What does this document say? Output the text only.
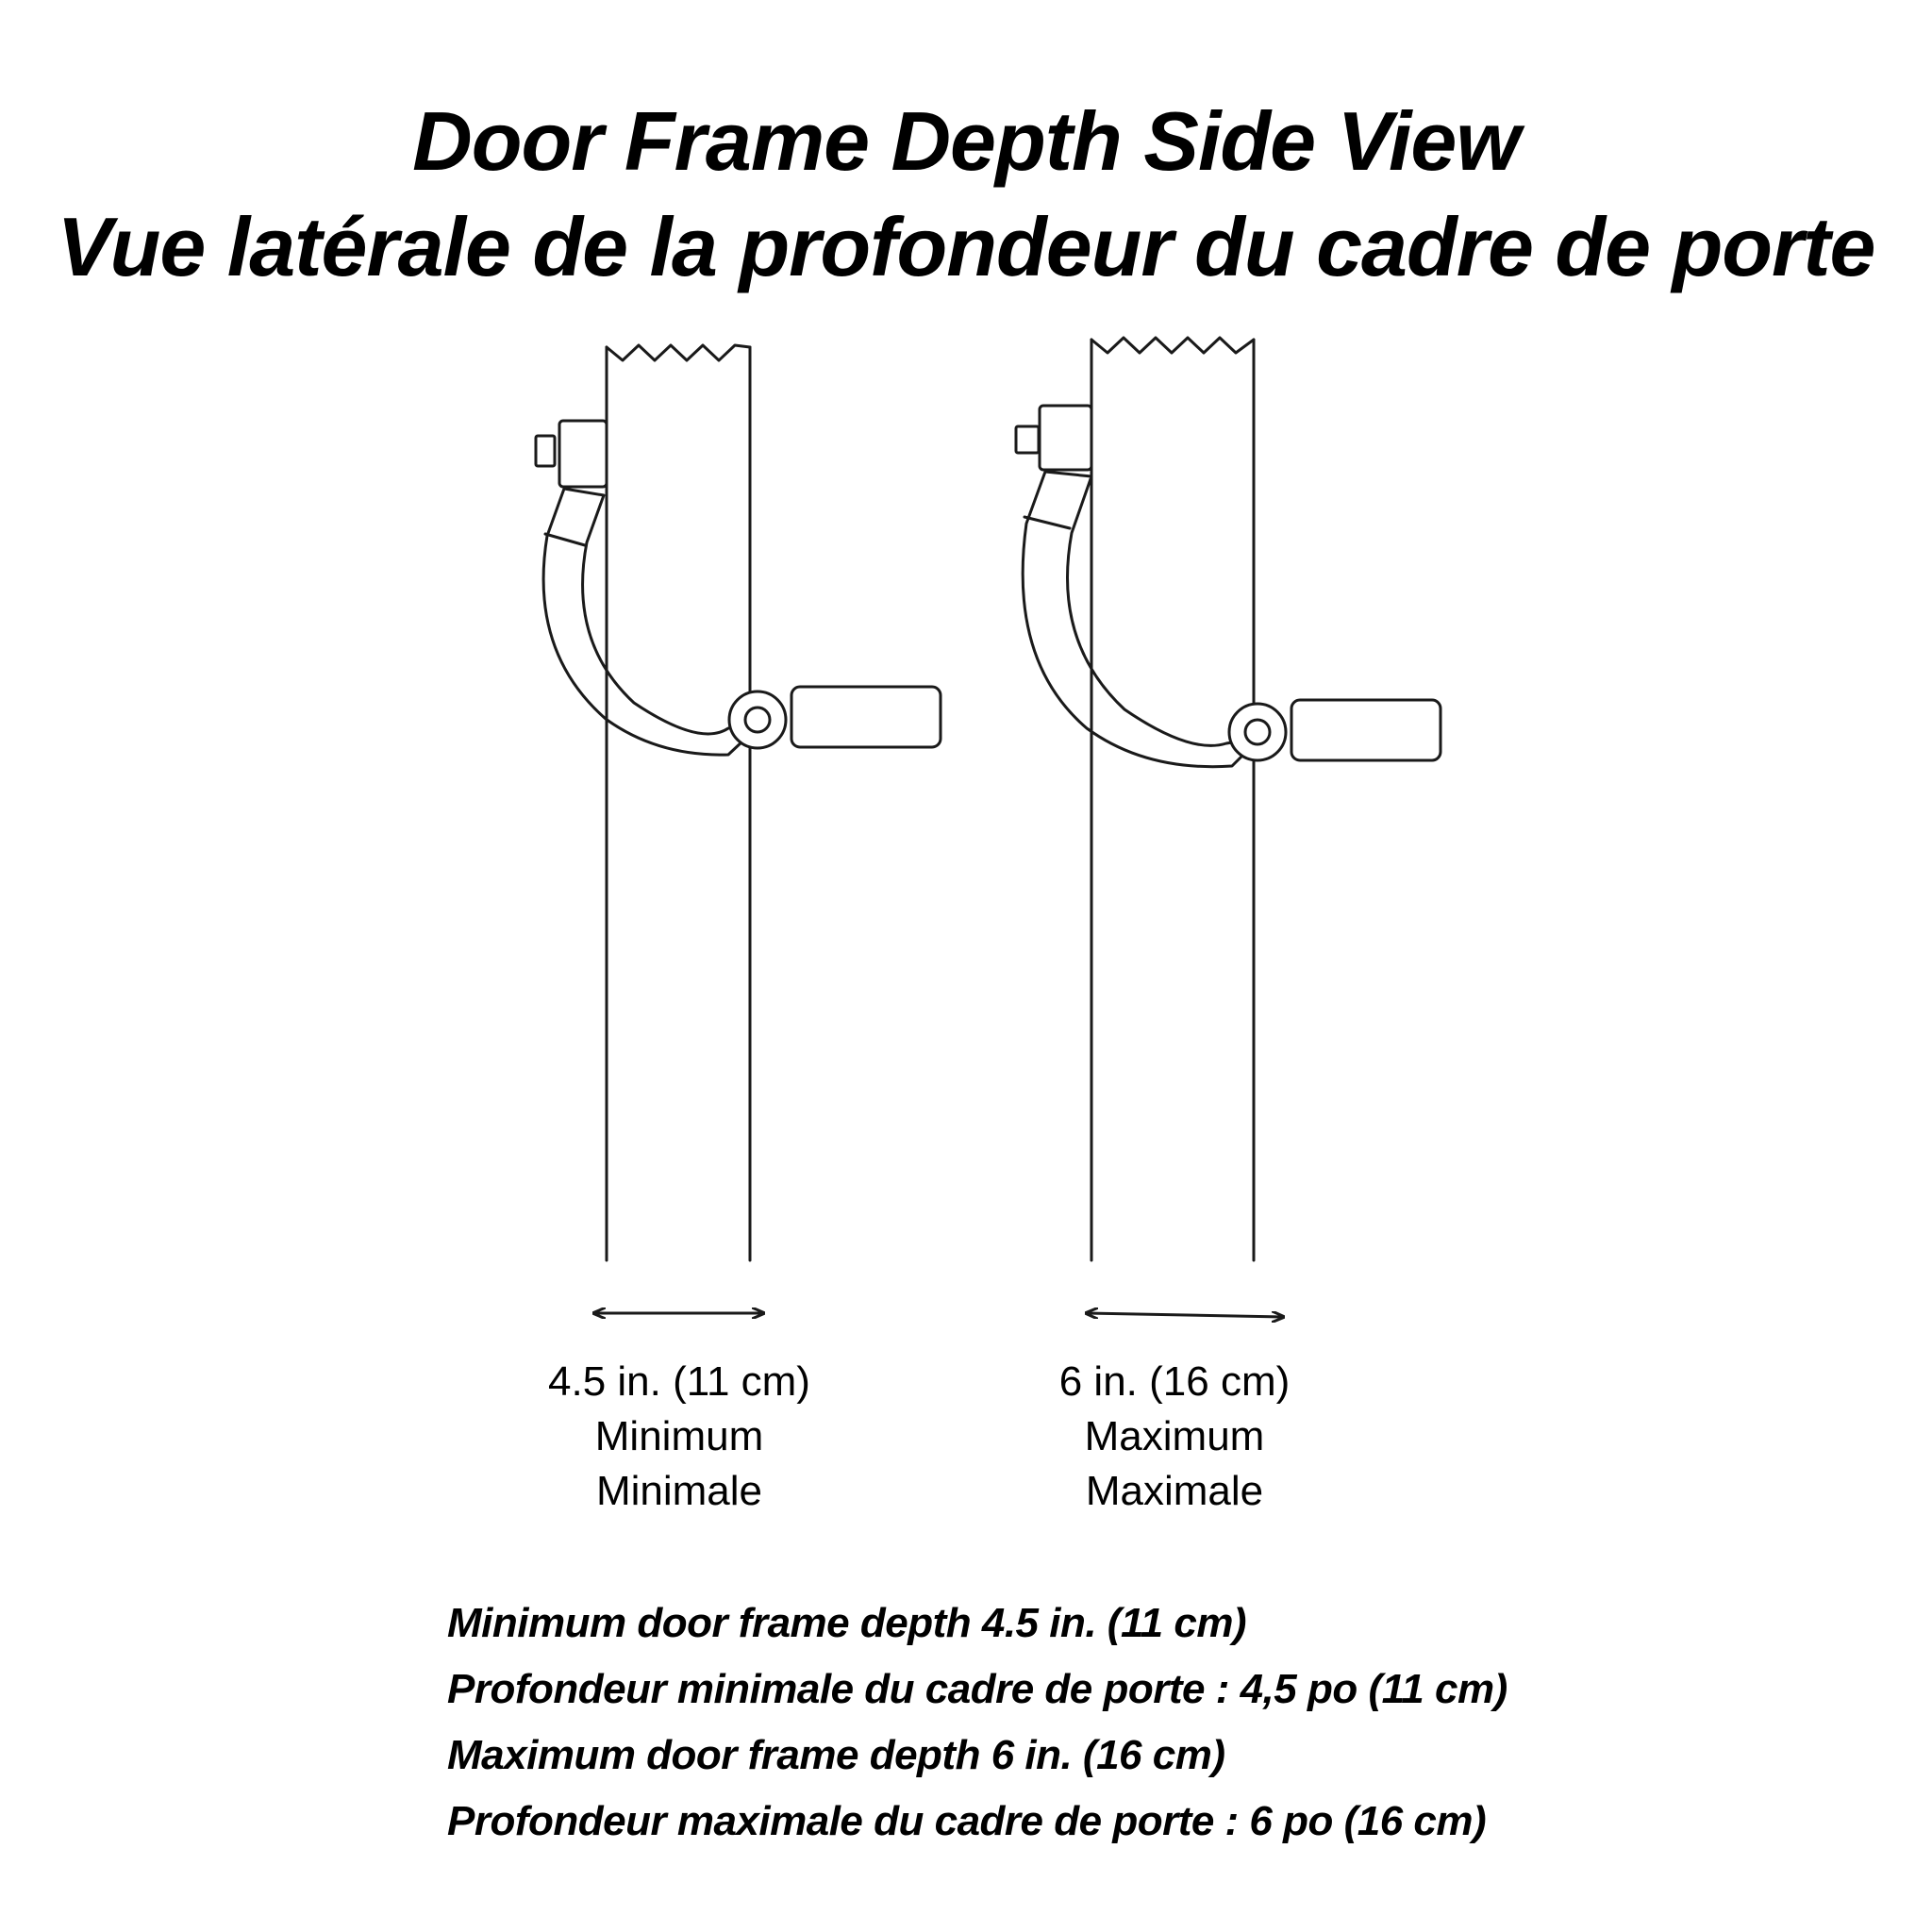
Door Frame Depth Side View
Vue latérale de la profondeur du cadre de porte
4.5 in. (11 cm)
Minimum
Minimale
6 in. (16 cm)
Maximum
Maximale
Minimum door frame depth 4.5 in. (11 cm)
Profondeur minimale du cadre de porte : 4,5 po (11 cm)
Maximum door frame depth 6 in. (16 cm)
Profondeur maximale du cadre de porte : 6 po (16 cm)
